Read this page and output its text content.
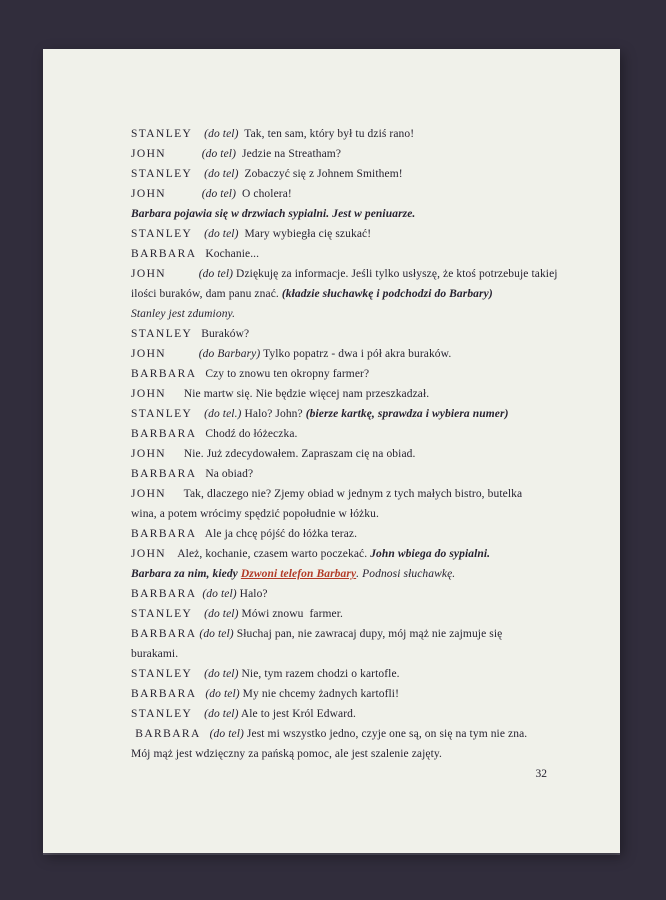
STANLEY (do tel)  Tak, ten sam, który był tu dziś rano!
JOHN	(do tel)  Jedzie na Streatham?
STANLEY (do tel)  Zobaczyć się z Johnem Smithem!
JOHN	(do tel)  O cholera!
Barbara pojawia się w drzwiach sypialni. Jest w peniuarze.
STANLEY (do tel)  Mary wybiegła cię szukać!
BARBARA   Kochanie...
JOHN	(do tel) Dziękuję za informacje. Jeśli tylko usłyszę, że ktoś potrzebuje takiej
ilości buraków, dam panu znać. (kładzie słuchawkę i podchodzi do Barbary)
Stanley jest zdumiony.
STANLEY   Buraków?
JOHN	(do Barbary) Tylko popatrz - dwa i pół akra buraków.
BARBARA   Czy to znowu ten okropny farmer?
JOHN      Nie martw się. Nie będzie więcej nam przeszkadzał.
STANLEY (do tel.) Halo? John? (bierze kartkę, sprawdza i wybiera numer)
BARBARA   Chodź do łóżeczka.
JOHN      Nie. Już zdecydowałem. Zapraszam cię na obiad.
BARBARA   Na obiad?
JOHN      Tak, dlaczego nie? Zjemy obiad w jednym z tych małych bistro, butelka
wina, a potem wrócimy spędzić popołudnie w łóżku.
BARBARA   Ale ja chcę pójść do łóżka teraz.
JOHN    Ależ, kochanie, czasem warto poczekać. John wbiega do sypialni.
Barbara za nim, kiedy Dzwoni telefon Barbary. Podnosi słuchawkę.
BARBARA (do tel) Halo?
STANLEY (do tel) Mówi znowu  farmer.
BARBARA (do tel) Słuchaj pan, nie zawracaj dupy, mój mąż nie zajmuje się
burakami.
STANLEY (do tel) Nie, tym razem chodzi o kartofle.
BARBARA (do tel) My nie chcemy żadnych kartofli!
STANLEY (do tel) Ale to jest Król Edward.
BARBARA (do tel) Jest mi wszystko jedno, czyje one są, on się na tym nie zna.
Mój mąż jest wdzięczny za pańską pomoc, ale jest szalenie zajęty.
32
